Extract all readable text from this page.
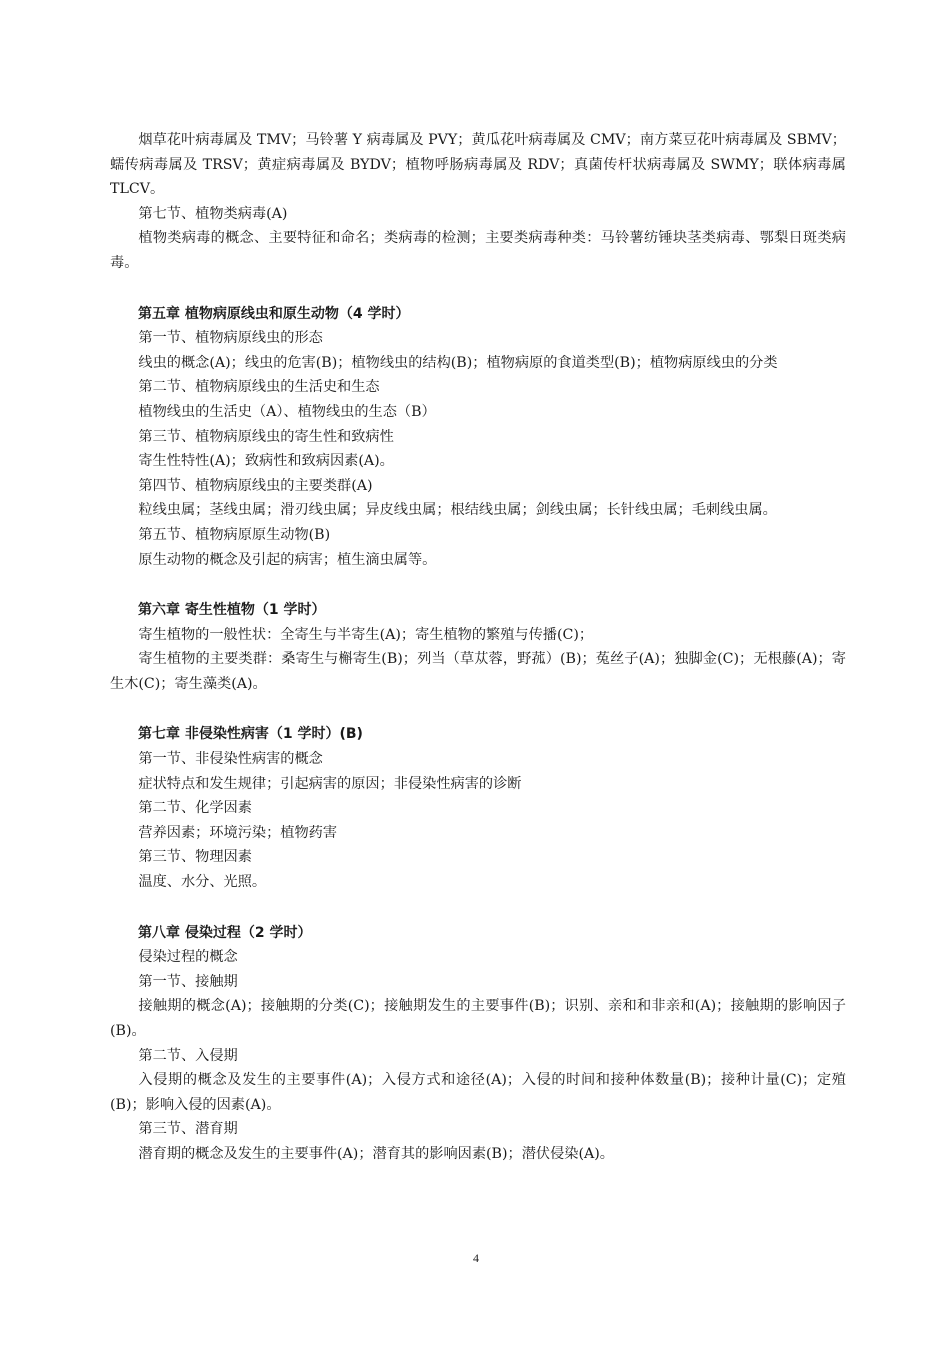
烟草花叶病毒属及 TMV；马铃薯 Y 病毒属及 PVY；黄瓜花叶病毒属及 CMV；南方菜豆花叶病毒属及 SBMV；蠕传病毒属及 TRSV；黄症病毒属及 BYDV；植物呼肠病毒属及 RDV；真菌传杆状病毒属及 SWMY；联体病毒属 TLCV。

第七节、植物类病毒(A)

植物类病毒的概念、主要特征和命名；类病毒的检测；主要类病毒种类：马铃薯纺锤块茎类病毒、鄂梨日斑类病毒。

第五章 植物病原线虫和原生动物（4 学时）

第一节、植物病原线虫的形态

线虫的概念(A)；线虫的危害(B)；植物线虫的结构(B)；植物病原的食道类型(B)；植物病原线虫的分类

第二节、植物病原线虫的生活史和生态

植物线虫的生活史（A）、植物线虫的生态（B）

第三节、植物病原线虫的寄生性和致病性

寄生性特性(A)；致病性和致病因素(A)。

第四节、植物病原线虫的主要类群(A)

粒线虫属；茎线虫属；滑刃线虫属；异皮线虫属；根结线虫属；剑线虫属；长针线虫属；毛刺线虫属。

第五节、植物病原原生动物(B)

原生动物的概念及引起的病害；植生滴虫属等。

第六章 寄生性植物（1 学时）

寄生植物的一般性状：全寄生与半寄生(A)；寄生植物的繁殖与传播(C)；

寄生植物的主要类群：桑寄生与槲寄生(B)；列当（草苁蓉，野菰）(B)；菟丝子(A)；独脚金(C)；无根藤(A)；寄生木(C)；寄生藻类(A)。

第七章 非侵染性病害（1 学时）(B)

第一节、非侵染性病害的概念

症状特点和发生规律；引起病害的原因；非侵染性病害的诊断

第二节、化学因素

营养因素；环境污染；植物药害

第三节、物理因素

温度、水分、光照。

第八章 侵染过程（2 学时）

侵染过程的概念

第一节、接触期

接触期的概念(A)；接触期的分类(C)；接触期发生的主要事件(B)；识别、亲和和非亲和(A)；接触期的影响因子(B)。

第二节、入侵期

入侵期的概念及发生的主要事件(A)；入侵方式和途径(A)；入侵的时间和接种体数量(B)；接种计量(C)；定殖(B)；影响入侵的因素(A)。

第三节、潜育期

潜育期的概念及发生的主要事件(A)；潜育其的影响因素(B)；潜伏侵染(A)。

4
